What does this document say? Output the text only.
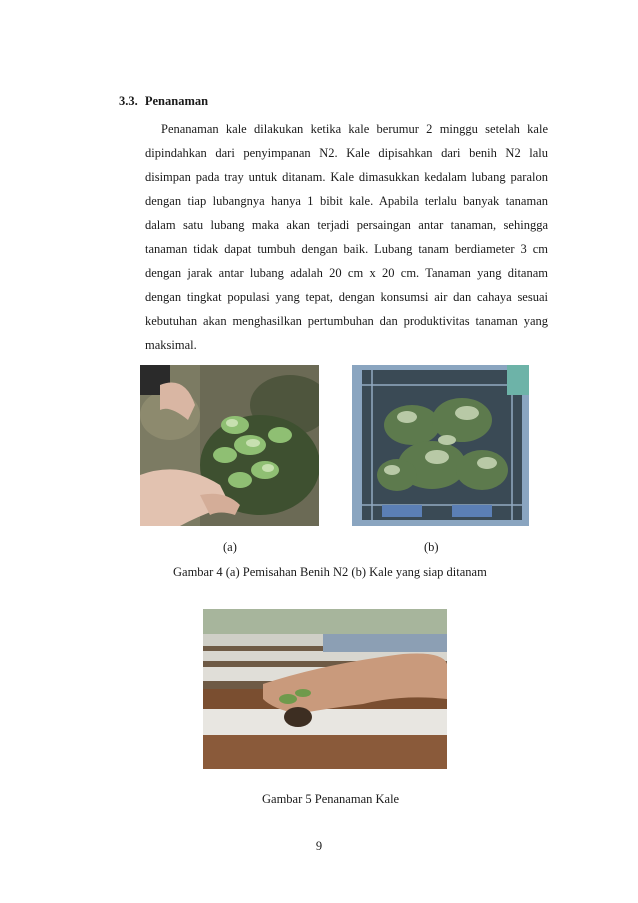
3.3. Penanaman
Penanaman kale dilakukan ketika kale berumur 2 minggu setelah kale
dipindahkan dari penyimpanan N2. Kale dipisahkan dari benih N2 lalu
disimpan pada tray untuk ditanam. Kale dimasukkan kedalam lubang paralon
dengan tiap lubangnya hanya 1 bibit kale. Apabila terlalu banyak tanaman
dalam satu lubang maka akan terjadi persaingan antar tanaman, sehingga
tanaman tidak dapat tumbuh dengan baik. Lubang tanam berdiameter 3 cm
dengan jarak antar lubang adalah 20 cm x 20 cm. Tanaman yang ditanam
dengan tingkat populasi yang tepat, dengan konsumsi air dan cahaya sesuai
kebutuhan akan menghasilkan pertumbuhan dan produktivitas tanaman yang
maksimal.
(a)	(b)
Gambar 4 (a) Pemisahan Benih N2 (b) Kale yang siap ditanam
Gambar 5 Penanaman Kale
9
